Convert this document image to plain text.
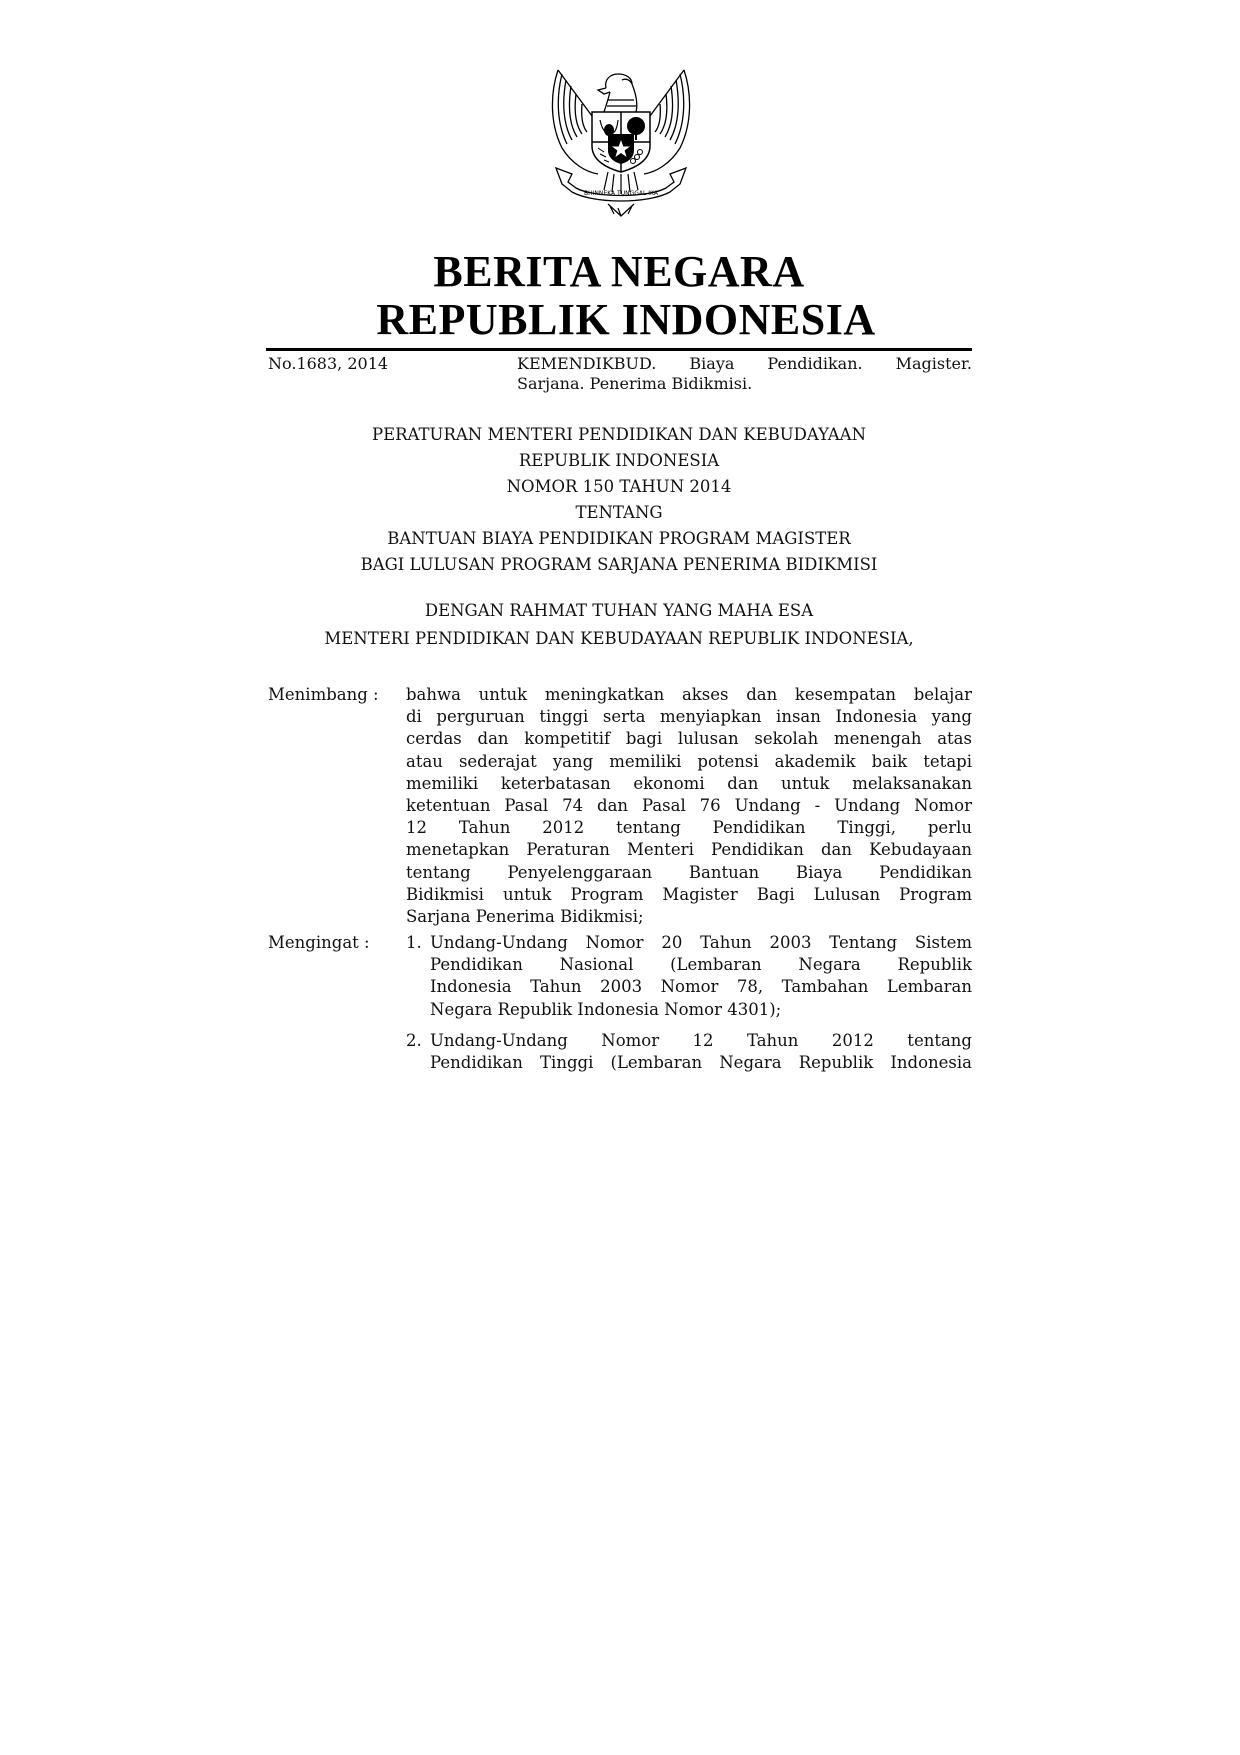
BHINNEKA TUNGGAL IKA
BERITA NEGARA
REPUBLIK INDONESIA
No.1683, 2014	KEMENDIKBUD. Biaya Pendidikan. Magister.
Sarjana. Penerima Bidikmisi.
PERATURAN MENTERI PENDIDIKAN DAN KEBUDAYAAN
REPUBLIK INDONESIA
NOMOR 150 TAHUN 2014
TENTANG
BANTUAN BIAYA PENDIDIKAN PROGRAM MAGISTER
BAGI LULUSAN PROGRAM SARJANA PENERIMA BIDIKMISI
DENGAN RAHMAT TUHAN YANG MAHA ESA
MENTERI PENDIDIKAN DAN KEBUDAYAAN REPUBLIK INDONESIA,
Menimbang : bahwa untuk meningkatkan akses dan kesempatan belajar
di perguruan tinggi serta menyiapkan insan Indonesia yang
cerdas dan kompetitif bagi lulusan sekolah menengah atas
atau sederajat yang memiliki potensi akademik baik tetapi
memiliki keterbatasan ekonomi dan untuk melaksanakan
ketentuan Pasal 74 dan Pasal 76 Undang - Undang Nomor
12 Tahun 2012 tentang Pendidikan Tinggi, perlu
menetapkan Peraturan Menteri Pendidikan dan Kebudayaan
tentang Penyelenggaraan Bantuan Biaya Pendidikan
Bidikmisi untuk Program Magister Bagi Lulusan Program
Sarjana Penerima Bidikmisi;
Mengingat : 1. Undang-Undang Nomor 20 Tahun 2003 Tentang Sistem
Pendidikan Nasional (Lembaran Negara Republik
Indonesia Tahun 2003 Nomor 78, Tambahan Lembaran
Negara Republik Indonesia Nomor 4301);
2. Undang-Undang Nomor 12 Tahun 2012 tentang
Pendidikan Tinggi (Lembaran Negara Republik Indonesia
